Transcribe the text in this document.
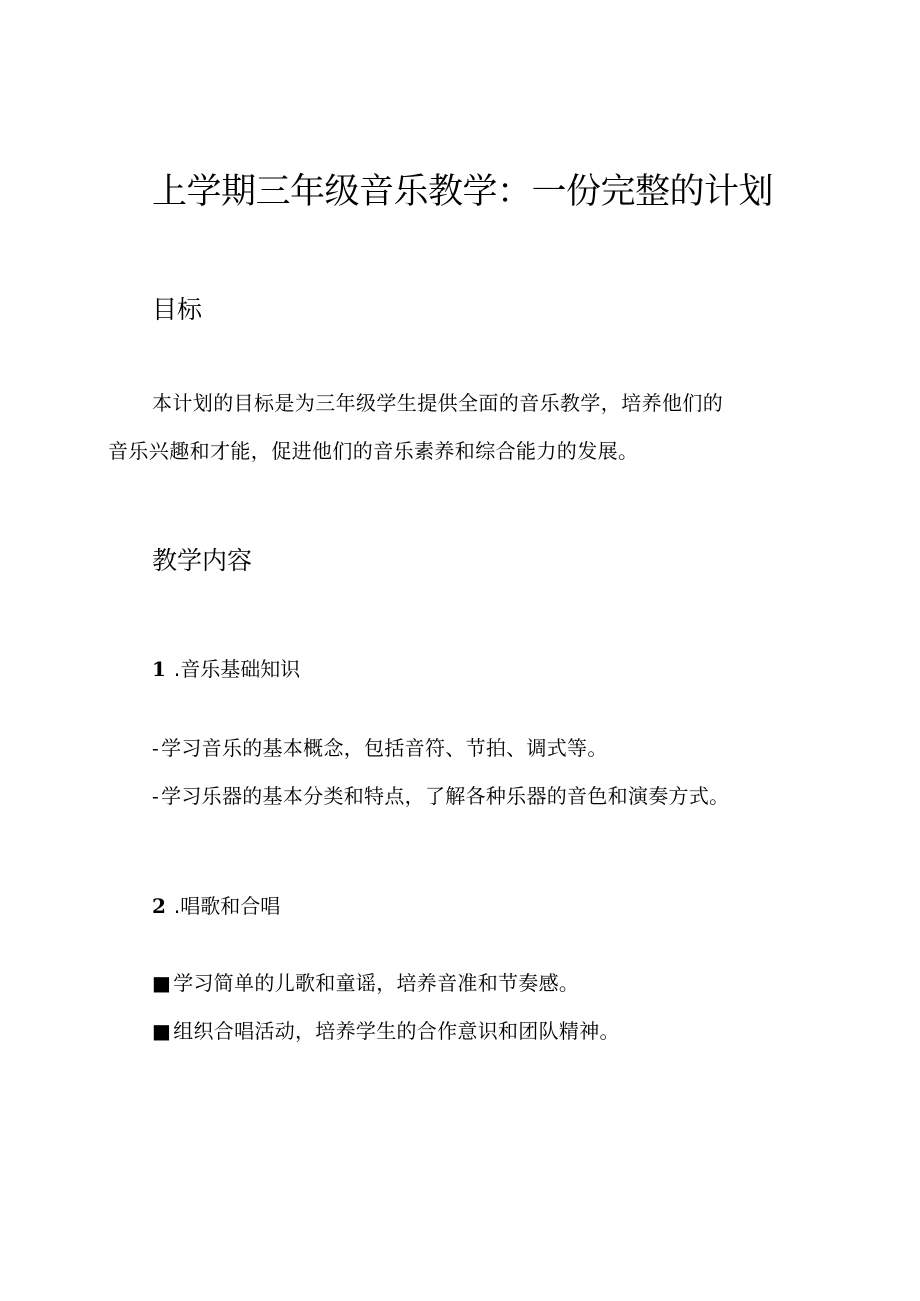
上学期三年级音乐教学：一份完整的计划
目标

本计划的目标是为三年级学生提供全面的音乐教学，培养他们的

音乐兴趣和才能，促进他们的音乐素养和综合能力的发展。

教学内容
1 .音乐基础知识

- 学习音乐的基本概念，包括音符、节拍、调式等。

- 学习乐器的基本分类和特点，了解各种乐器的音色和演奏方式。

2 .唱歌和合唱

■ 学习简单的儿歌和童谣，培养音准和节奏感。

■ 组织合唱活动，培养学生的合作意识和团队精神。
